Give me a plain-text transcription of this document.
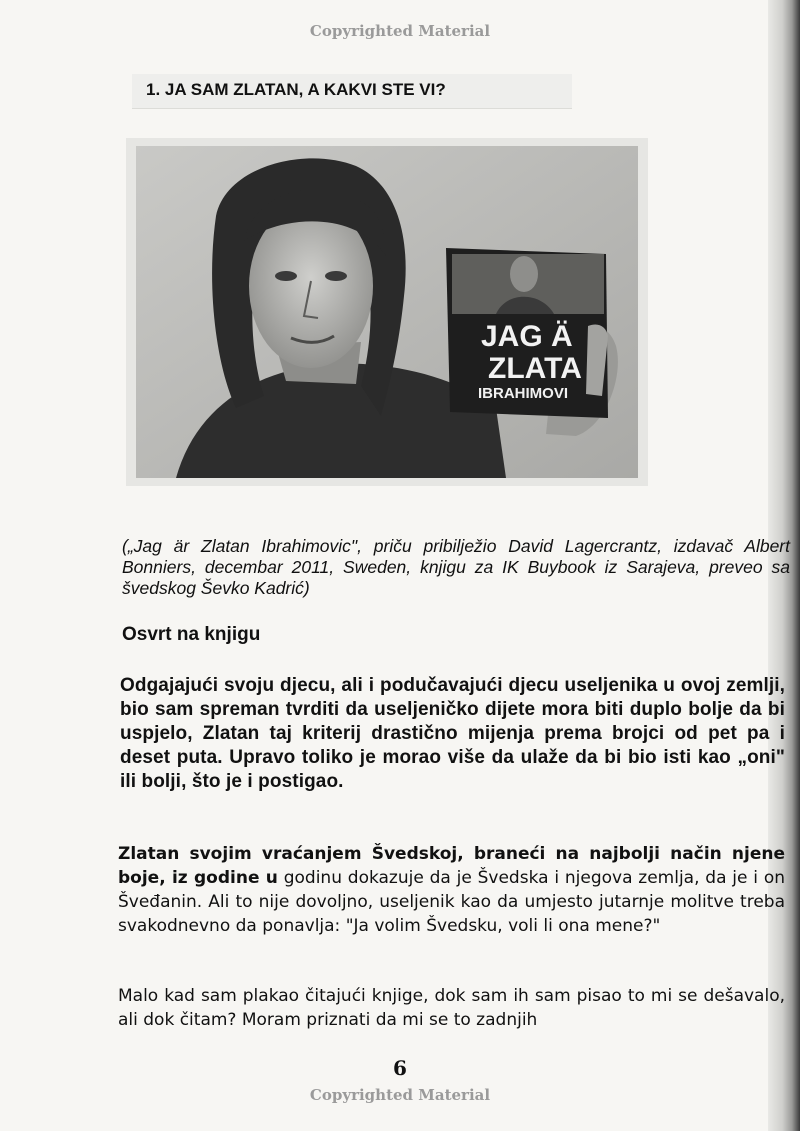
Copyrighted Material
1. JA SAM ZLATAN, A KAKVI STE VI?
JAG Ä
ZLATA
IBRAHIMOVI
(„Jag är Zlatan Ibrahimovic", priču pribilježio David Lagercrantz, izdavač Albert Bonniers, decembar 2011, Sweden, knjigu za IK Buybook iz Sarajeva, preveo sa švedskog Ševko Kadrić)
Osvrt na knjigu
Odgajajući svoju djecu, ali i podučavajući djecu useljenika u ovoj zemlji, bio sam spreman tvrditi da useljeničko dijete mora biti duplo bolje da bi uspjelo, Zlatan taj kriterij drastično mijenja prema brojci od pet pa i deset puta. Upravo toliko je morao više da ulaže da bi bio isti kao „oni" ili bolji, što je i postigao.
Zlatan svojim vraćanjem Švedskoj, braneći na najbolji način njene boje, iz godine u godinu dokazuje da je Švedska i njegova zemlja, da je i on Šveđanin. Ali to nije dovoljno, useljenik kao da umjesto jutarnje molitve treba svakodnevno da ponavlja: "Ja volim Švedsku, voli li ona mene?"
Malo kad sam plakao čitajući knjige, dok sam ih sam pisao to mi se dešavalo, ali dok čitam? Moram priznati da mi se to zadnjih
6
Copyrighted Material
